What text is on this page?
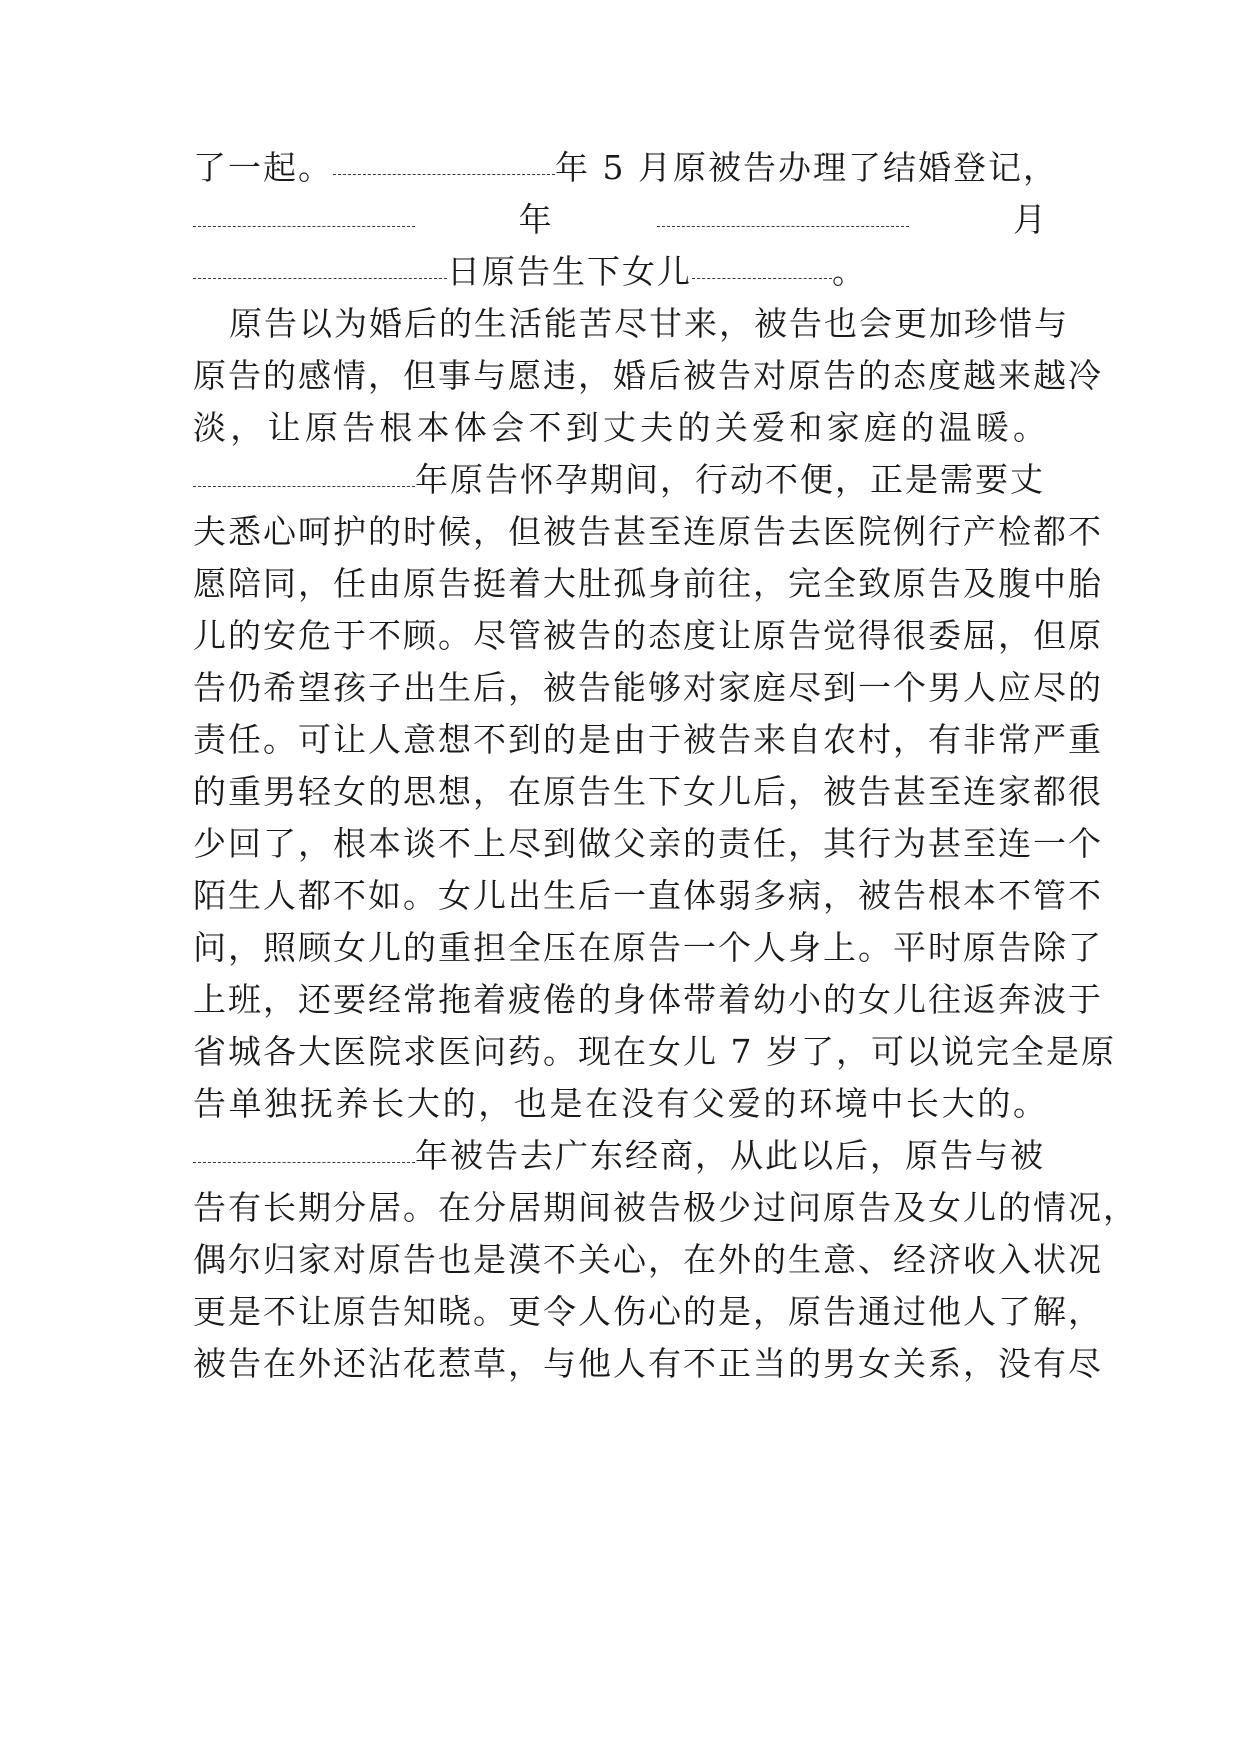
了一起。	年 5 月原被告办理了结婚登记，
年	月
日原告生下女儿	。
原告以为婚后的生活能苦尽甘来，被告也会更加珍惜与
原告的感情，但事与愿违，婚后被告对原告的态度越来越冷
淡，让原告根本体会不到丈夫的关爱和家庭的温暖。
年原告怀孕期间，行动不便，正是需要丈
夫悉心呵护的时候，但被告甚至连原告去医院例行产检都不
愿陪同，任由原告挺着大肚孤身前往，完全致原告及腹中胎
儿的安危于不顾。尽管被告的态度让原告觉得很委屈，但原
告仍希望孩子出生后，被告能够对家庭尽到一个男人应尽的
责任。可让人意想不到的是由于被告来自农村，有非常严重
的重男轻女的思想，在原告生下女儿后，被告甚至连家都很
少回了，根本谈不上尽到做父亲的责任，其行为甚至连一个
陌生人都不如。女儿出生后一直体弱多病，被告根本不管不
问，照顾女儿的重担全压在原告一个人身上。平时原告除了
上班，还要经常拖着疲倦的身体带着幼小的女儿往返奔波于
省城各大医院求医问药。现在女儿 7 岁了，可以说完全是原
告单独抚养长大的，也是在没有父爱的环境中长大的。
年被告去广东经商，从此以后，原告与被
告有长期分居。在分居期间被告极少过问原告及女儿的情况，
偶尔归家对原告也是漠不关心，在外的生意、经济收入状况
更是不让原告知晓。更令人伤心的是，原告通过他人了解，
被告在外还沾花惹草，与他人有不正当的男女关系，没有尽
